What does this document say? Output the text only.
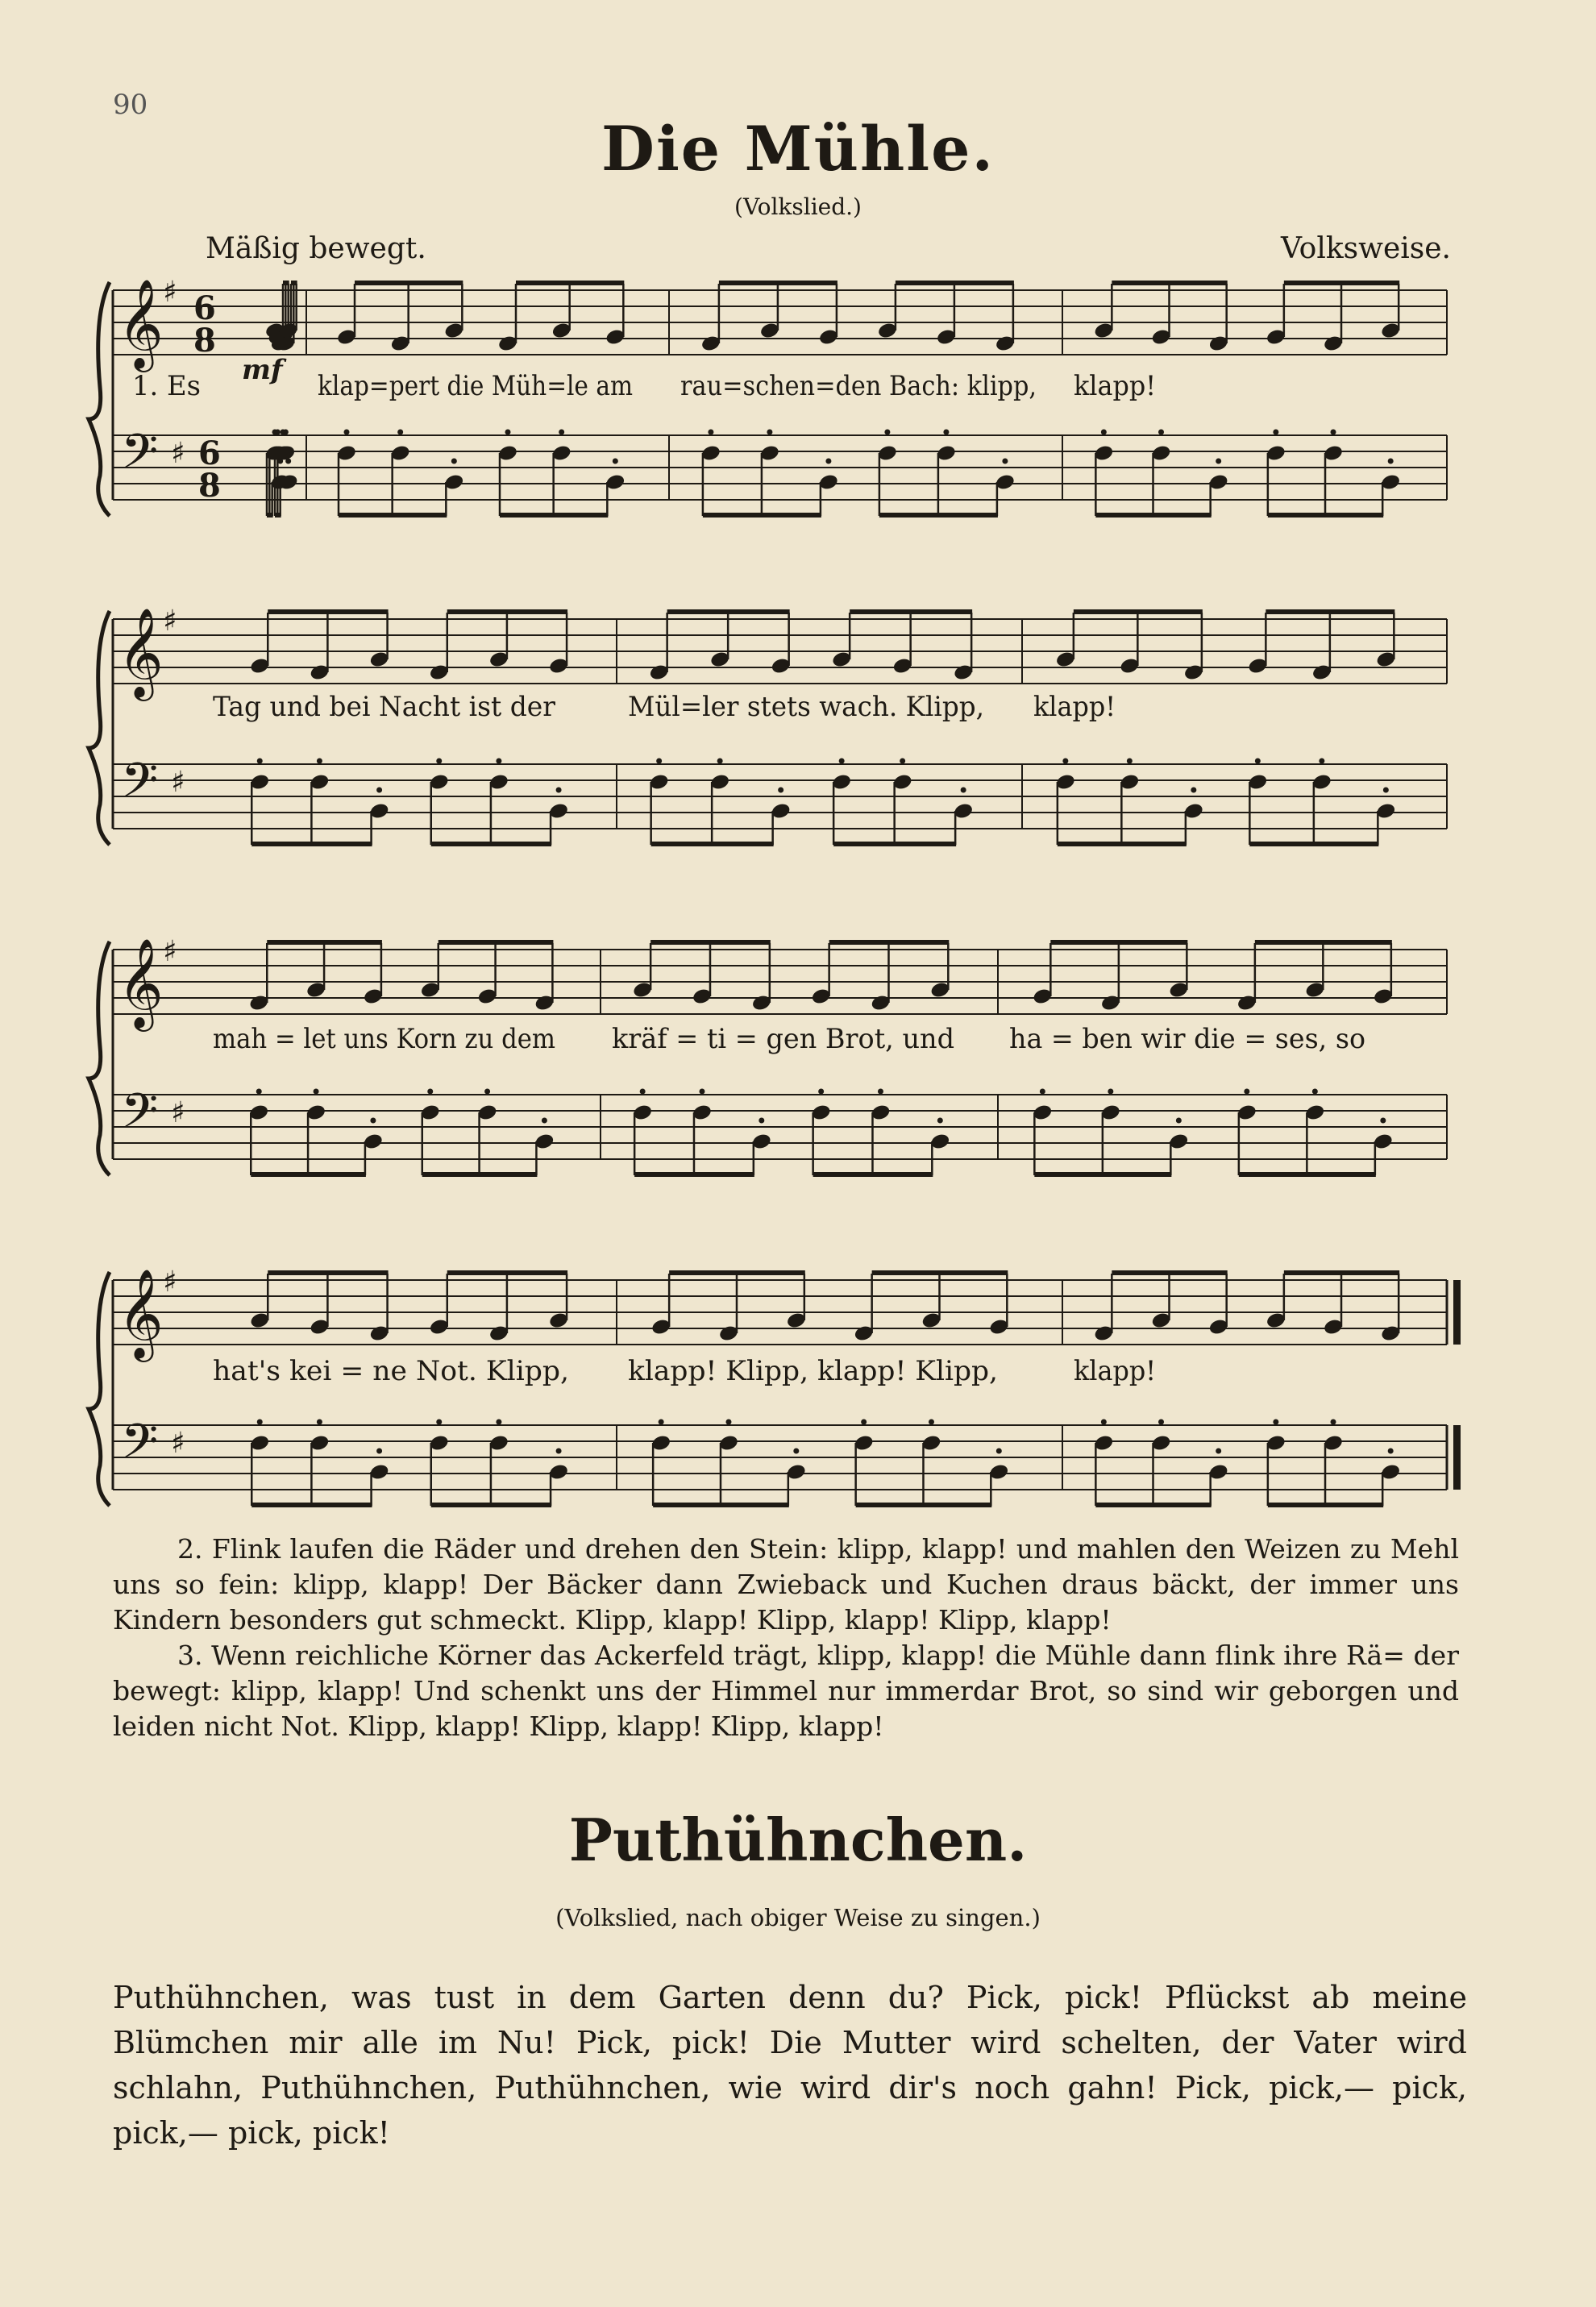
90
Die Mühle.
(Volkslied.)
Mäßig bewegt.	Volksweise.
𝄞
𝄢
♯
♯
6
6
8
8
mf
1. Es	klap=pert die Müh=le am rau=schen=den Bach: klipp, klapp!
𝄞
𝄢
♯
♯
Tag und bei Nacht ist der	Mül=ler stets wach. Klipp, klapp!
𝄞
𝄢
♯
♯
mah = let uns Korn zu dem kräf = ti = gen Brot, und ha = ben wir die = ses, so
𝄞
𝄢
♯
♯
hat's kei = ne Not. Klipp, klapp! Klipp, klapp! Klipp,	klapp!

2. Flink laufen die Räder und drehen den Stein: klipp, klapp! und mahlen den Weizen zu Mehl uns so fein: klipp, klapp! Der Bäcker dann Zwieback und Kuchen draus bäckt, der immer uns Kindern besonders gut schmeckt. Klipp, klapp! Klipp, klapp! Klipp, klapp!

3. Wenn reichliche Körner das Ackerfeld trägt, klipp, klapp! die Mühle dann flink ihre Rä= der bewegt: klipp, klapp! Und schenkt uns der Himmel nur immerdar Brot, so sind wir geborgen und leiden nicht Not. Klipp, klapp! Klipp, klapp! Klipp, klapp!

Puthühnchen.
(Volkslied, nach obiger Weise zu singen.)
Puthühnchen, was tust in dem Garten denn du? Pick, pick! Pflückst ab meine Blümchen mir alle im Nu! Pick, pick! Die Mutter wird schelten, der Vater wird schlahn, Puthühnchen, Puthühnchen, wie wird dir's noch gahn! Pick, pick,— pick, pick,— pick, pick!
